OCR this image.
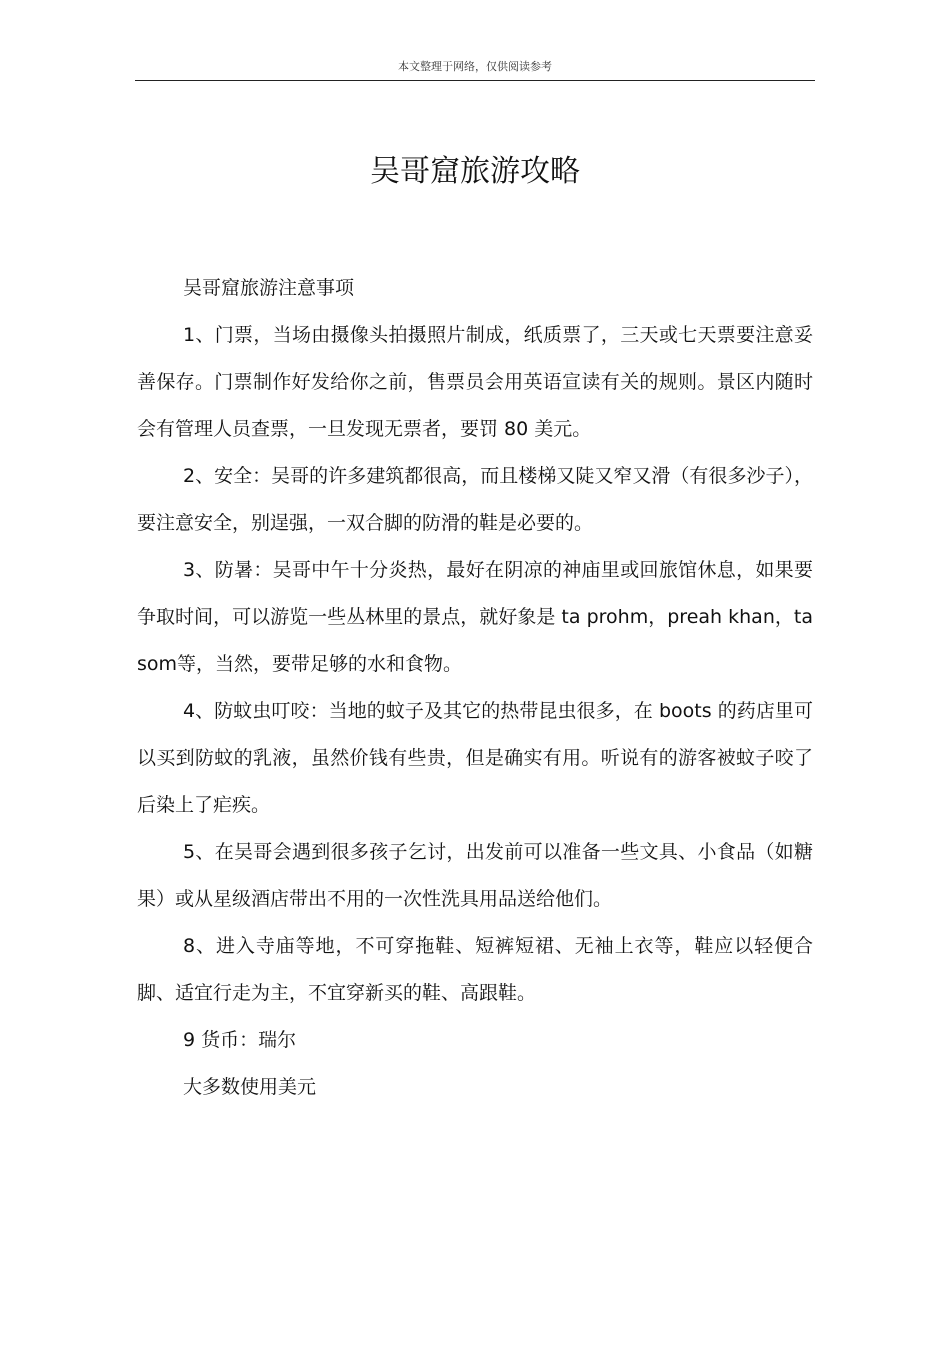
本文整理于网络，仅供阅读参考
吴哥窟旅游攻略

吴哥窟旅游注意事项

1、门票，当场由摄像头拍摄照片制成，纸质票了，三天或七天票要注意妥善保存。门票制作好发给你之前，售票员会用英语宣读有关的规则。景区内随时会有管理人员查票，一旦发现无票者，要罚 80 美元。

2、安全：吴哥的许多建筑都很高，而且楼梯又陡又窄又滑（有很多沙子），要注意安全，别逞强，一双合脚的防滑的鞋是必要的。

3、防暑：吴哥中午十分炎热，最好在阴凉的神庙里或回旅馆休息，如果要争取时间，可以游览一些丛林里的景点，就好象是 ta prohm，preah khan，ta som等，当然，要带足够的水和食物。

4、防蚊虫叮咬：当地的蚊子及其它的热带昆虫很多，在 boots 的药店里可以买到防蚊的乳液，虽然价钱有些贵，但是确实有用。听说有的游客被蚊子咬了后染上了疟疾。

5、在吴哥会遇到很多孩子乞讨，出发前可以准备一些文具、小食品（如糖果）或从星级酒店带出不用的一次性洗具用品送给他们。

8、进入寺庙等地，不可穿拖鞋、短裤短裙、无袖上衣等，鞋应以轻便合脚、适宜行走为主，不宜穿新买的鞋、高跟鞋。

9 货币：瑞尔

大多数使用美元
